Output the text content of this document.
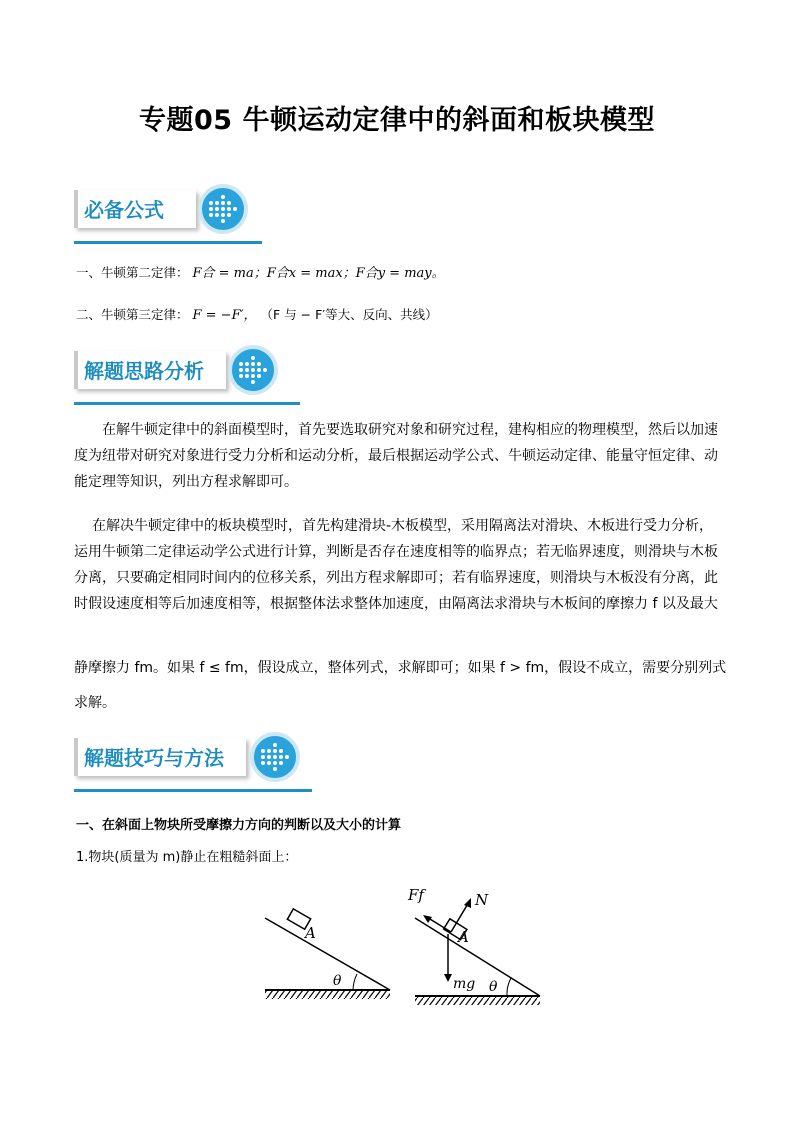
专题05 牛顿运动定律中的斜面和板块模型
必备公式
一、牛顿第二定律： F合 = ma；F合x = max；F合y = may。
二、牛顿第三定律： F = −F′， （F 与 − F′等大、反向、共线）
解题思路分析
在解牛顿定律中的斜面模型时，首先要选取研究对象和研究过程，建构相应的物理模型，然后以加速度为纽带对研究对象进行受力分析和运动分析，最后根据运动学公式、牛顿运动定律、能量守恒定律、动能定理等知识，列出方程求解即可。
在解决牛顿定律中的板块模型时，首先构建滑块-木板模型，采用隔离法对滑块、木板进行受力分析，运用牛顿第二定律运动学公式进行计算，判断是否存在速度相等的临界点；若无临界速度，则滑块与木板分离，只要确定相同时间内的位移关系，列出方程求解即可；若有临界速度，则滑块与木板没有分离，此时假设速度相等后加速度相等，根据整体法求整体加速度，由隔离法求滑块与木板间的摩擦力 f 以及最大
静摩擦力 fm。如果 f ≤ fm，假设成立，整体列式，求解即可；如果 f > fm，假设不成立，需要分别列式
求解。
解题技巧与方法
一、在斜面上物块所受摩擦力方向的判断以及大小的计算
1.物块(质量为 m)静止在粗糙斜面上：
A
θ
Ff	N
A
mg θ
